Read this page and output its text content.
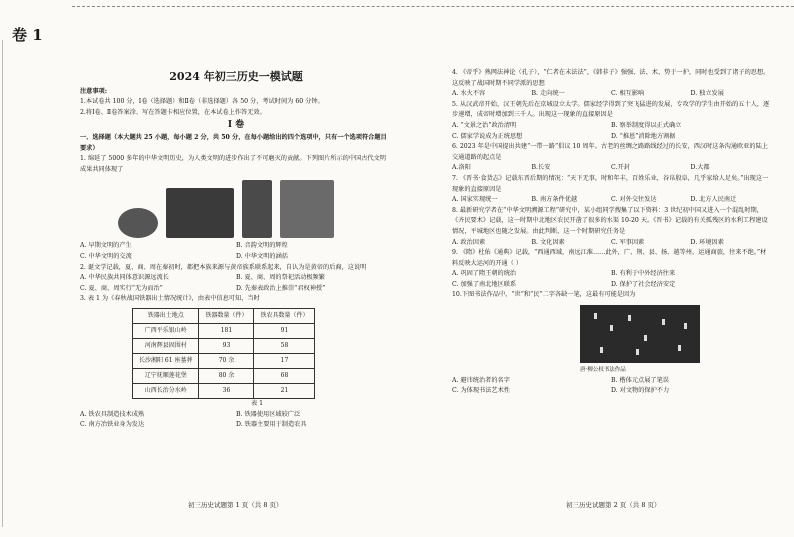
卷 1
2024 年初三历史一模试题

注意事项:

1.本试卷共 100 分，Ⅰ卷（选择题）和Ⅱ卷（非选择题）各 50 分，考试时间为 60 分钟。

2.将Ⅰ卷、Ⅱ卷答案涂、写在答题卡相应位置，在本试卷上作答无效。

Ⅰ 卷

一、选择题（本大题共 25 小题，每小题 2 分，共 50 分，在每小题给出的四个选项中，只有一个选项符合题目要求）

1. 绵延了 5000 多年的中华文明历史，为人类文明的进步作出了不可磨灭的贡献。下列图片所示的中国古代文明成果共同体现了

A. 早期文明的产生	B. 音韵文明的辉煌
C. 中华文明的交流	D. 中华文明的涵括

2. 诞文学记载，夏、商、周在秦初时，都把本族来源与黄帝族系联系起来，自认为是黄帝的后裔，这说明

A. 中华民族共同体意识源远流长	B. 夏、商、周的祭祀活动极频繁
C. 夏、商、周实行“无为而治”	D. 先秦表政治上推崇“君权神授”

3. 表 1 为《春秋战国铁器出土情况统计》，由表中信息可知，当时

铁器出土地点	铁器数量（件）	铁农具数量（件）
广西平乐银山岭	181	91
河南辉县固围村	93	58
长沙湘阳 61 座墓葬	70 余	17
辽宁抚顺莲花堡	80 余	68
山西长治分水岭	36	21
表 1
A. 铁农具制造技术成熟	B. 铁器使用区域较广泛
C. 南方冶铁业身为发达	D. 铁器主要用于制造农具
初三历史试题第 1 页（共 8 页）

4. 《帝乎》熟网法神论（孔子），“仁者在末法法”，《韩非子》强强、法、术、势于一护，同时也受到了诸子的思想。这反映了战国时期不同学派的思想

A. 水火不容	B. 走向统一	C. 相互影响	D. 独立发展

5. 从汉武帝开始，汉王朝先后在京城设立太学。儒家经学得到了突飞猛进的发展，专攻学的学生由开始的五十人，逐步递增，成帝时增加到三千人。出现这一现象的直接原因是

A. “文景之治”政治清明	B. 察举制度得以正式确立
C. 儒家学说成为正统思想	D. “推恩”消除地方割据

6. 2023 年是中国提出共建“一带一路”倡议 10 周年。古老的丝绸之路路线经过的长安，西汉时这条沟通欧亚的陆上交通道路的起点是

A.洛阳	B.长安	C.开封	D.大都

7. 《晋书·食货志》记载东晋后期的情况：“天下无事，时和年丰，百姓乐业，谷帛殷阜，几乎家给人足矣。”出现这一现象的直接原因是

A. 国家实现统一	B. 南方条件优越	C. 对外交往发达	D. 北方人民南迁

8. 最新研究学者在“中华文明溯源工程”研究中，某小组同学搜集了以下资料：3 世纪初中国又进入一个混乱时期，《齐民要术》记载，这一时期中北地区农民开凿了很多的水渠 10-20 天。《晋书》记载的有关孤残区的水利工程建设情况，平城地区也随之发展。由此判断，这一个时期研究任务是

A. 政治因素	B. 文化因素	C. 军事因素	D. 环境因素

9. 《隋》杜佑《通典》记载，“西通西域，南远江淮……此外，广、荆、县、扬、越等州，运通商旅，往来不绝。”材料反映大运河的开通（ ）

A. 巩固了隋王朝的统治	B. 有利于中外经济往来
C. 加强了南北地区联系	D. 保护了社会经济安定

10.下图书法作品中，“世”和“民”二字各缺一笔，这最有可能是因为

唐·柳公权书法作品
A. 避讳统治者的名字	B. 楷体元点展了笔误
C. 为体现书法艺术性	D. 对文物的保护不力
初三历史试题第 2 页（共 8 页）
